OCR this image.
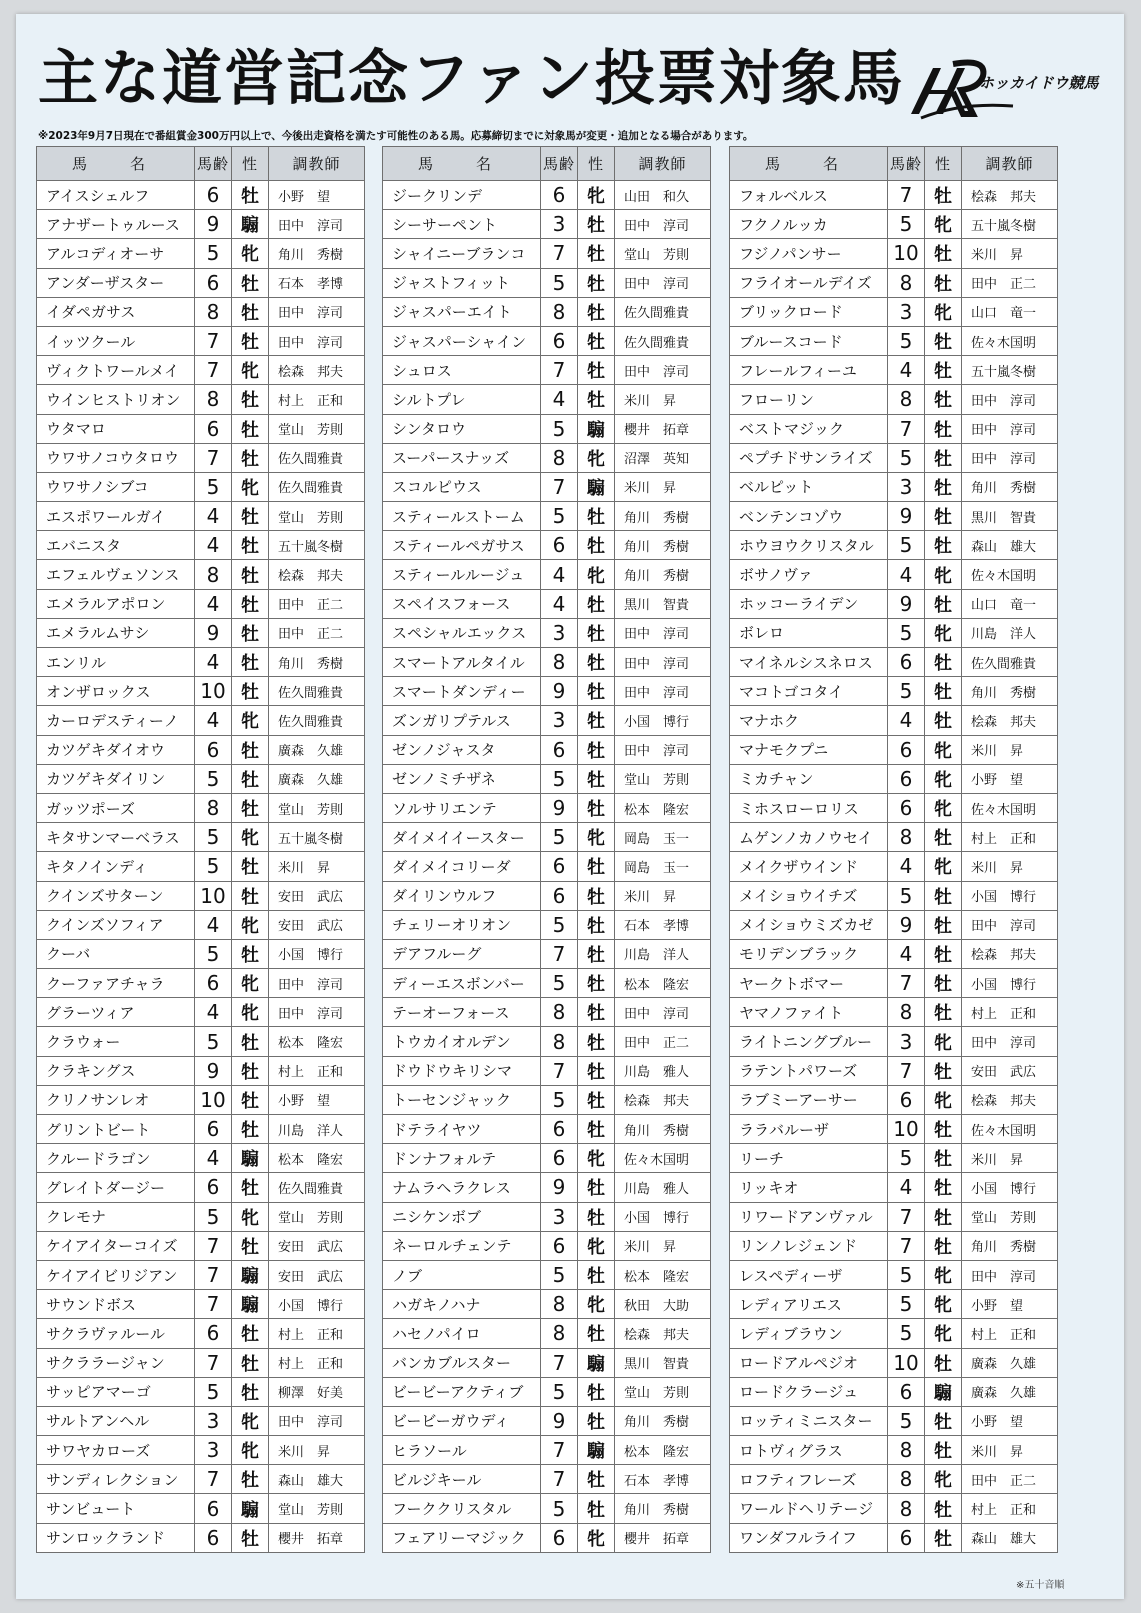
主な道営記念ファン投票対象馬	ホッカイドウ競馬
※2023年9月7日現在で番組賞金300万円以上で、今後出走資格を満たす可能性のある馬。応募締切までに対象馬が変更・追加となる場合があります。
馬　名	馬齢	性	調教師
アイスシェルフ	6	牡	小野　望
アナザートゥルース	9	騸	田中　淳司
アルコディオーサ	5	牝	角川　秀樹
アンダーザスター	6	牡	石本　孝博
イダペガサス	8	牡	田中　淳司
イッツクール	7	牡	田中　淳司
ヴィクトワールメイ	7	牝	桧森　邦夫
ウインヒストリオン	8	牡	村上　正和
ウタマロ	6	牡	堂山　芳則
ウワサノコウタロウ	7	牡	佐久間雅貴
ウワサノシブコ	5	牝	佐久間雅貴
エスポワールガイ	4	牡	堂山　芳則
エバニスタ	4	牡	五十嵐冬樹
エフェルヴェソンス	8	牡	桧森　邦夫
エメラルアポロン	4	牡	田中　正二
エメラルムサシ	9	牡	田中　正二
エンリル	4	牡	角川　秀樹
オンザロックス	10	牡	佐久間雅貴
カーロデスティーノ	4	牝	佐久間雅貴
カツゲキダイオウ	6	牡	廣森　久雄
カツゲキダイリン	5	牡	廣森　久雄
ガッツポーズ	8	牡	堂山　芳則
キタサンマーベラス	5	牝	五十嵐冬樹
キタノインディ	5	牡	米川　昇
クインズサターン	10	牡	安田　武広
クインズソフィア	4	牝	安田　武広
クーバ	5	牡	小国　博行
クーファアチャラ	6	牝	田中　淳司
グラーツィア	4	牝	田中　淳司
クラウォー	5	牡	松本　隆宏
クラキングス	9	牡	村上　正和
クリノサンレオ	10	牡	小野　望
グリントビート	6	牡	川島　洋人
クルードラゴン	4	騸	松本　隆宏
グレイトダージー	6	牡	佐久間雅貴
クレモナ	5	牝	堂山　芳則
ケイアイターコイズ	7	牡	安田　武広
ケイアイビリジアン	7	騸	安田　武広
サウンドボス	7	騸	小国　博行
サクラヴァルール	6	牡	村上　正和
サクララージャン	7	牡	村上　正和
サッピアマーゴ	5	牡	柳澤　好美
サルトアンヘル	3	牝	田中　淳司
サワヤカローズ	3	牝	米川　昇
サンディレクション	7	牡	森山　雄大
サンビュート	6	騸	堂山　芳則
サンロックランド	6	牡	櫻井　拓章
馬　名	馬齢	性	調教師
ジークリンデ	6	牝	山田　和久
シーサーペント	3	牡	田中　淳司
シャイニーブランコ	7	牡	堂山　芳則
ジャストフィット	5	牡	田中　淳司
ジャスパーエイト	8	牡	佐久間雅貴
ジャスパーシャイン	6	牡	佐久間雅貴
シュロス	7	牡	田中　淳司
シルトプレ	4	牡	米川　昇
シンタロウ	5	騸	櫻井　拓章
スーパースナッズ	8	牝	沼澤　英知
スコルピウス	7	騸	米川　昇
スティールストーム	5	牡	角川　秀樹
スティールペガサス	6	牡	角川　秀樹
スティールルージュ	4	牝	角川　秀樹
スペイスフォース	4	牡	黒川　智貴
スペシャルエックス	3	牡	田中　淳司
スマートアルタイル	8	牡	田中　淳司
スマートダンディー	9	牡	田中　淳司
ズンガリプテルス	3	牡	小国　博行
ゼンノジャスタ	6	牡	田中　淳司
ゼンノミチザネ	5	牡	堂山　芳則
ソルサリエンテ	9	牡	松本　隆宏
ダイメイイースター	5	牝	岡島　玉一
ダイメイコリーダ	6	牡	岡島　玉一
ダイリンウルフ	6	牡	米川　昇
チェリーオリオン	5	牡	石本　孝博
デアフルーグ	7	牡	川島　洋人
ディーエスボンバー	5	牡	松本　隆宏
テーオーフォース	8	牡	田中　淳司
トウカイオルデン	8	牡	田中　正二
ドウドウキリシマ	7	牡	川島　雅人
トーセンジャック	5	牡	桧森　邦夫
ドテライヤツ	6	牡	角川　秀樹
ドンナフォルテ	6	牝	佐々木国明
ナムラヘラクレス	9	牡	川島　雅人
ニシケンボブ	3	牡	小国　博行
ネーロルチェンテ	6	牝	米川　昇
ノブ	5	牡	松本　隆宏
ハガキノハナ	8	牝	秋田　大助
ハセノパイロ	8	牡	桧森　邦夫
バンカブルスター	7	騸	黒川　智貴
ビービーアクティブ	5	牡	堂山　芳則
ビービーガウディ	9	牡	角川　秀樹
ヒラソール	7	騸	松本　隆宏
ビルジキール	7	牡	石本　孝博
フーククリスタル	5	牡	角川　秀樹
フェアリーマジック	6	牝	櫻井　拓章
馬　名	馬齢	性	調教師
フォルベルス	7	牡	桧森　邦夫
フクノルッカ	5	牝	五十嵐冬樹
フジノパンサー	10	牡	米川　昇
フライオールデイズ	8	牡	田中　正二
ブリックロード	3	牝	山口　竜一
ブルースコード	5	牡	佐々木国明
フレールフィーユ	4	牡	五十嵐冬樹
フローリン	8	牡	田中　淳司
ベストマジック	7	牡	田中　淳司
ペプチドサンライズ	5	牡	田中　淳司
ベルピット	3	牡	角川　秀樹
ベンテンコゾウ	9	牡	黒川　智貴
ホウヨウクリスタル	5	牡	森山　雄大
ボサノヴァ	4	牝	佐々木国明
ホッコーライデン	9	牡	山口　竜一
ボレロ	5	牝	川島　洋人
マイネルシスネロス	6	牡	佐久間雅貴
マコトゴコタイ	5	牡	角川　秀樹
マナホク	4	牡	桧森　邦夫
マナモクプニ	6	牝	米川　昇
ミカチャン	6	牝	小野　望
ミホスローロリス	6	牝	佐々木国明
ムゲンノカノウセイ	8	牡	村上　正和
メイクザウインド	4	牝	米川　昇
メイショウイチズ	5	牡	小国　博行
メイショウミズカゼ	9	牡	田中　淳司
モリデンブラック	4	牡	桧森　邦夫
ヤークトボマー	7	牡	小国　博行
ヤマノファイト	8	牡	村上　正和
ライトニングブルー	3	牝	田中　淳司
ラテントパワーズ	7	牡	安田　武広
ラブミーアーサー	6	牝	桧森　邦夫
ララバルーザ	10	牡	佐々木国明
リーチ	5	牡	米川　昇
リッキオ	4	牡	小国　博行
リワードアンヴァル	7	牡	堂山　芳則
リンノレジェンド	7	牡	角川　秀樹
レスペディーザ	5	牝	田中　淳司
レディアリエス	5	牝	小野　望
レディブラウン	5	牝	村上　正和
ロードアルペジオ	10	牡	廣森　久雄
ロードクラージュ	6	騸	廣森　久雄
ロッティミニスター	5	牡	小野　望
ロトヴィグラス	8	牡	米川　昇
ロフティフレーズ	8	牝	田中　正二
ワールドヘリテージ	8	牡	村上　正和
ワンダフルライフ	6	牡	森山　雄大
※五十音順
